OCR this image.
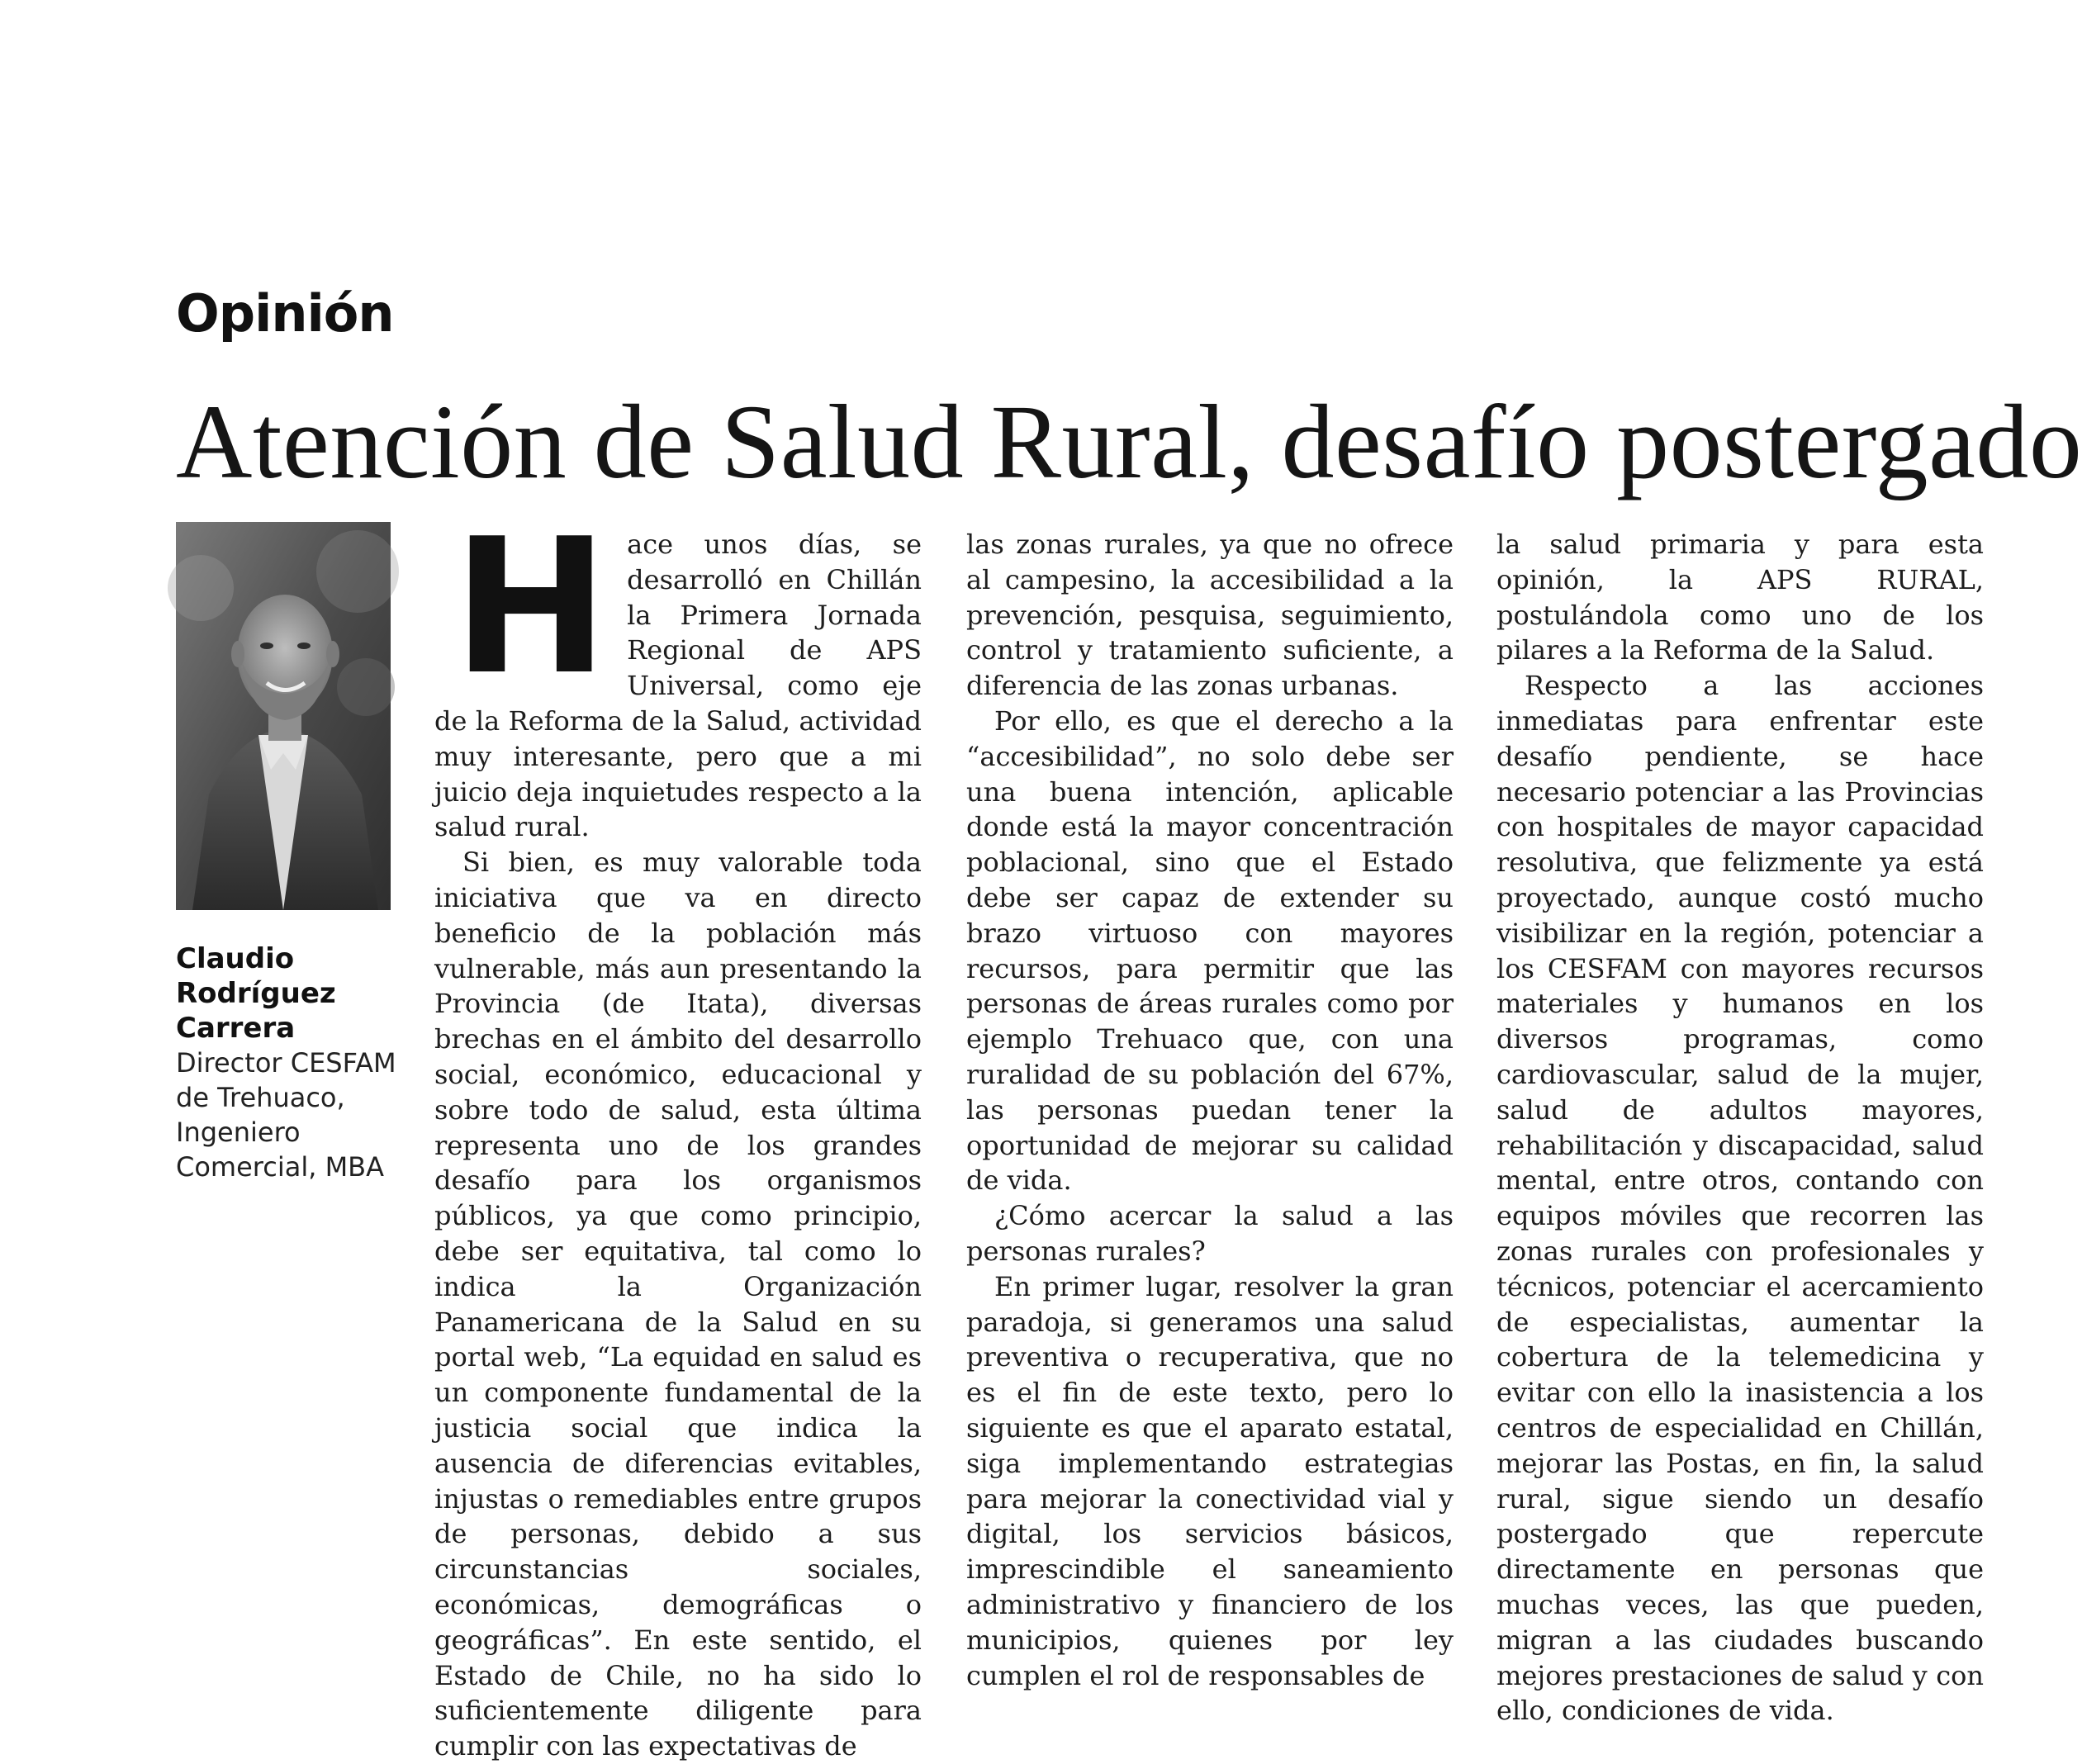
Opinión
Atención de Salud Rural, desafío postergado

Claudio Rodríguez Carrera

Director CESFAM de Trehuaco, Ingeniero Comercial, MBA

Hace unos días, se desarrolló en Chillán la Primera Jornada Regional de APS Universal, como eje de la Reforma de la Salud, actividad muy interesante, pero que a mi juicio deja inquietudes respecto a la salud rural.

Si bien, es muy valorable toda iniciativa que va en directo beneficio de la población más vulnerable, más aun presentando la Provincia (de Itata), diversas brechas en el ámbito del desarrollo social, económico, educacional y sobre todo de salud, esta última representa uno de los grandes desafío para los organismos públicos, ya que como principio, debe ser equitativa, tal como lo indica la Organización Panamericana de la Salud en su portal web, “La equidad en salud es un componente fundamental de la justicia social que indica la ausencia de diferencias evitables, injustas o remediables entre grupos de personas, debido a sus circunstancias sociales, económicas, demográficas o geográficas”. En este sentido, el Estado de Chile, no ha sido lo suficientemente diligente para cumplir con las expectativas de

las zonas rurales, ya que no ofrece al campesino, la accesibilidad a la prevención, pesquisa, seguimiento, control y tratamiento suficiente, a diferencia de las zonas urbanas.

Por ello, es que el derecho a la “accesibilidad”, no solo debe ser una buena intención, aplicable donde está la mayor concentración poblacional, sino que el Estado debe ser capaz de extender su brazo virtuoso con mayores recursos, para permitir que las personas de áreas rurales como por ejemplo Trehuaco que, con una ruralidad de su población del 67%, las personas puedan tener la oportunidad de mejorar su calidad de vida.

¿Cómo acercar la salud a las personas rurales?

En primer lugar, resolver la gran paradoja, si generamos una salud preventiva o recuperativa, que no es el fin de este texto, pero lo siguiente es que el aparato estatal, siga implementando estrategias para mejorar la conectividad vial y digital, los servicios básicos, imprescindible el saneamiento administrativo y financiero de los municipios, quienes por ley cumplen el rol de responsables de

la salud primaria y para esta opinión, la APS RURAL, postulándola como uno de los pilares a la Reforma de la Salud.

Respecto a las acciones inmediatas para enfrentar este desafío pendiente, se hace necesario potenciar a las Provincias con hospitales de mayor capacidad resolutiva, que felizmente ya está proyectado, aunque costó mucho visibilizar en la región, potenciar a los CESFAM con mayores recursos materiales y humanos en los diversos programas, como cardiovascular, salud de la mujer, salud de adultos mayores, rehabilitación y discapacidad, salud mental, entre otros, contando con equipos móviles que recorren las zonas rurales con profesionales y técnicos, potenciar el acercamiento de especialistas, aumentar la cobertura de la telemedicina y evitar con ello la inasistencia a los centros de especialidad en Chillán, mejorar las Postas, en fin, la salud rural, sigue siendo un desafío postergado que repercute directamente en personas que muchas veces, las que pueden, migran a las ciudades buscando mejores prestaciones de salud y con ello, condiciones de vida.
